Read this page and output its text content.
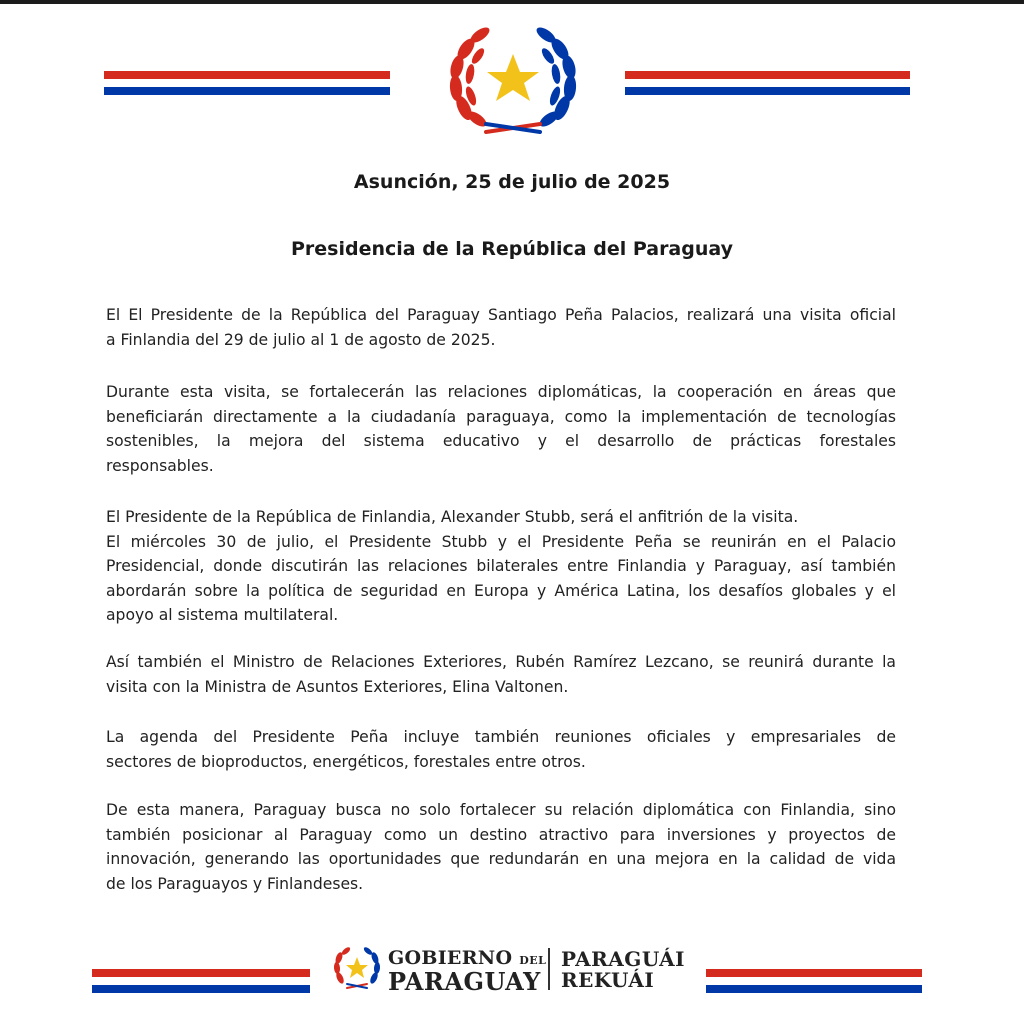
Asunción, 25 de julio de 2025
Presidencia de la República del Paraguay

El El Presidente de la República del Paraguay Santiago Peña Palacios, realizará una visita oficial
a Finlandia del 29 de julio al 1 de agosto de 2025.

Durante esta visita, se fortalecerán las relaciones diplomáticas, la cooperación en áreas que
beneficiarán directamente a la ciudadanía paraguaya, como la implementación de tecnologías
sostenibles, la mejora del sistema educativo y el desarrollo de prácticas forestales
responsables.

El Presidente de la República de Finlandia, Alexander Stubb, será el anfitrión de la visita.
El miércoles 30 de julio, el Presidente Stubb y el Presidente Peña se reunirán en el Palacio
Presidencial, donde discutirán las relaciones bilaterales entre Finlandia y Paraguay, así también
abordarán sobre la política de seguridad en Europa y América Latina, los desafíos globales y el
apoyo al sistema multilateral.

Así también el Ministro de Relaciones Exteriores, Rubén Ramírez Lezcano, se reunirá durante la
visita con la Ministra de Asuntos Exteriores, Elina Valtonen.

La agenda del Presidente Peña incluye también reuniones oficiales y empresariales de
sectores de bioproductos, energéticos, forestales entre otros.

De esta manera, Paraguay busca no solo fortalecer su relación diplomática con Finlandia, sino
también posicionar al Paraguay como un destino atractivo para inversiones y proyectos de
innovación, generando las oportunidades que redundarán en una mejora en la calidad de vida
de los Paraguayos y Finlandeses.

GOBIERNO DEL
PARAGUAY
PARAGUÁI
REKUÁI
